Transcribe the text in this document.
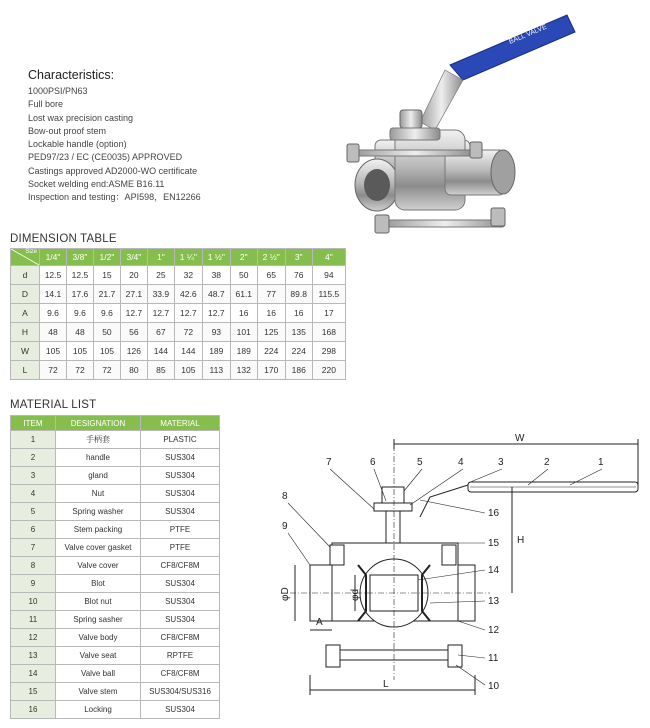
Characteristics:
1000PSI/PN63
Full bore
Lost wax precision casting
Bow-out proof stem
Lockable handle (option)
PED97/23 / EC (CE0035) APPROVED
Castings approved AD2000-WO certificate
Socket welding end:ASME B16.11
Inspection and testing：API598，EN12266
BALL VALVE
DIMENSION TABLE
Size	1/4"	3/8"	1/2"	3/4"	1"	1 ¼"	1 ½"	2"	2 ½"	3"	4"
d	12.5	12.5	15	20	25	32	38	50	65	76	94
D	14.1	17.6	21.7	27.1	33.9	42.6	48.7	61.1	77	89.8	115.5
A	9.6	9.6	9.6	12.7	12.7	12.7	12.7	16	16	16	17
H	48	48	50	56	67	72	93	101	125	135	168
W	105	105	105	126	144	144	189	189	224	224	298
L	72	72	72	80	85	105	113	132	170	186	220
MATERIAL LIST
ITEM	DESIGNATION	MATERIAL
1	手柄套	PLASTIC
2	handle	SUS304
3	gland	SUS304
4	Nut	SUS304
5	Spring washer	SUS304
6	Stem packing	PTFE
7	Valve cover gasket	PTFE
8	Valve cover	CF8/CF8M
9	Blot	SUS304
10	Blot nut	SUS304
11	Spring sasher	SUS304
12	Valve body	CF8/CF8M
13	Valve seat	RPTFE
14	Valve ball	CF8/CF8M
15	Valve stem	SUS304/SUS316
16	Locking	SUS304
W
H
L
A
φD	φd
1
2
3
4
5
6
7
8
9
10
11
12
13
14
15
16
